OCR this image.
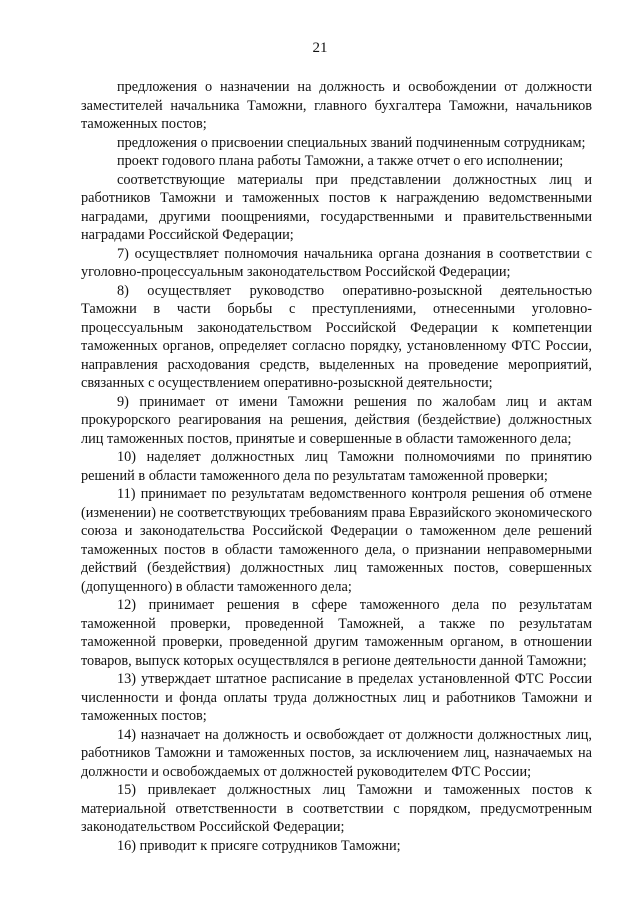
21

предложения о назначении на должность и освобождении от должности заместителей начальника Таможни, главного бухгалтера Таможни, начальников таможенных постов;

предложения о присвоении специальных званий подчиненным сотрудникам;

проект годового плана работы Таможни, а также отчет о его исполнении;

соответствующие материалы при представлении должностных лиц и работников Таможни и таможенных постов к награждению ведомственными наградами, другими поощрениями, государственными и правительственными наградами Российской Федерации;

7) осуществляет полномочия начальника органа дознания в соответствии с уголовно-процессуальным законодательством Российской Федерации;

8) осуществляет руководство оперативно-розыскной деятельностью Таможни в части борьбы с преступлениями, отнесенными уголовно-процессуальным законодательством Российской Федерации к компетенции таможенных органов, определяет согласно порядку, установленному ФТС России, направления расходования средств, выделенных на проведение мероприятий, связанных с осуществлением оперативно-розыскной деятельности;

9) принимает от имени Таможни решения по жалобам лиц и актам прокурорского реагирования на решения, действия (бездействие) должностных лиц таможенных постов, принятые и совершенные в области таможенного дела;

10) наделяет должностных лиц Таможни полномочиями по принятию решений в области таможенного дела по результатам таможенной проверки;

11) принимает по результатам ведомственного контроля решения об отмене (изменении) не соответствующих требованиям права Евразийского экономического союза и законодательства Российской Федерации о таможенном деле решений таможенных постов в области таможенного дела, о признании неправомерными действий (бездействия) должностных лиц таможенных постов, совершенных (допущенного) в области таможенного дела;

12) принимает решения в сфере таможенного дела по результатам таможенной проверки, проведенной Таможней, а также по результатам таможенной проверки, проведенной другим таможенным органом, в отношении товаров, выпуск которых осуществлялся в регионе деятельности данной Таможни;

13) утверждает штатное расписание в пределах установленной ФТС России численности и фонда оплаты труда должностных лиц и работников Таможни и таможенных постов;

14) назначает на должность и освобождает от должности должностных лиц, работников Таможни и таможенных постов, за исключением лиц, назначаемых на должности и освобождаемых от должностей руководителем ФТС России;

15) привлекает должностных лиц Таможни и таможенных постов к материальной ответственности в соответствии с порядком, предусмотренным законодательством Российской Федерации;

16) приводит к присяге сотрудников Таможни;
